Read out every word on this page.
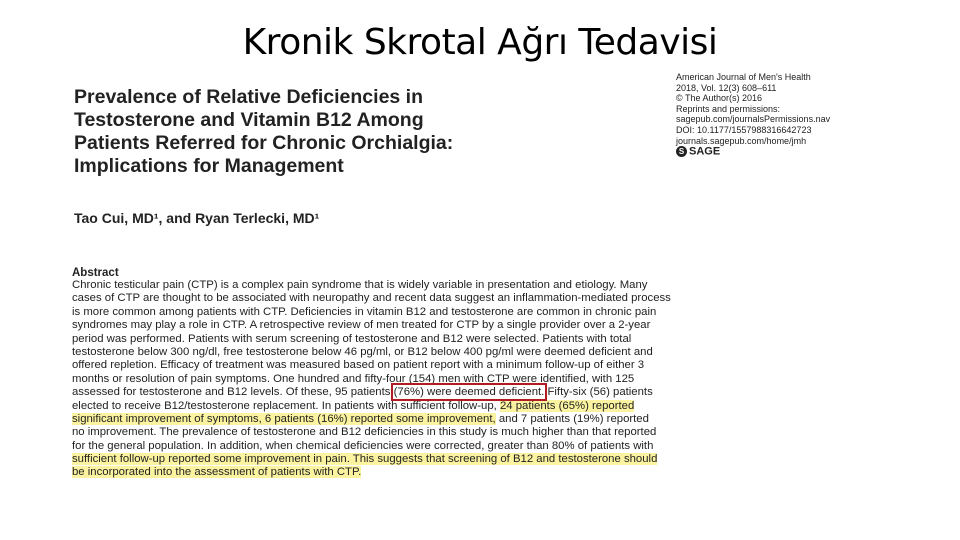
Kronik Skrotal Ağrı Tedavisi
Prevalence of Relative Deficiencies in
Testosterone and Vitamin B12 Among
Patients Referred for Chronic Orchialgia:
Implications for Management
American Journal of Men's Health
2018, Vol. 12(3) 608–611
© The Author(s) 2016
Reprints and permissions:
sagepub.com/journalsPermissions.nav
DOI: 10.1177/1557988316642723
journals.sagepub.com/home/jmh
S SAGE
Tao Cui, MD¹, and Ryan Terlecki, MD¹
Abstract
Chronic testicular pain (CTP) is a complex pain syndrome that is widely variable in presentation and etiology. Many
cases of CTP are thought to be associated with neuropathy and recent data suggest an inflammation-mediated process
is more common among patients with CTP. Deficiencies in vitamin B12 and testosterone are common in chronic pain
syndromes may play a role in CTP. A retrospective review of men treated for CTP by a single provider over a 2-year
period was performed. Patients with serum screening of testosterone and B12 were selected. Patients with total
testosterone below 300 ng/dl, free testosterone below 46 pg/ml, or B12 below 400 pg/ml were deemed deficient and
offered repletion. Efficacy of treatment was measured based on patient report with a minimum follow-up of either 3
months or resolution of pain symptoms. One hundred and fifty-four (154) men with CTP were identified, with 125
assessed for testosterone and B12 levels. Of these, 95 patients (76%) were deemed deficient. Fifty-six (56) patients
elected to receive B12/testosterone replacement. In patients with sufficient follow-up, 24 patients (65%) reported
significant improvement of symptoms, 6 patients (16%) reported some improvement, and 7 patients (19%) reported
no improvement. The prevalence of testosterone and B12 deficiencies in this study is much higher than that reported
for the general population. In addition, when chemical deficiencies were corrected, greater than 80% of patients with
sufficient follow-up reported some improvement in pain. This suggests that screening of B12 and testosterone should
be incorporated into the assessment of patients with CTP.
